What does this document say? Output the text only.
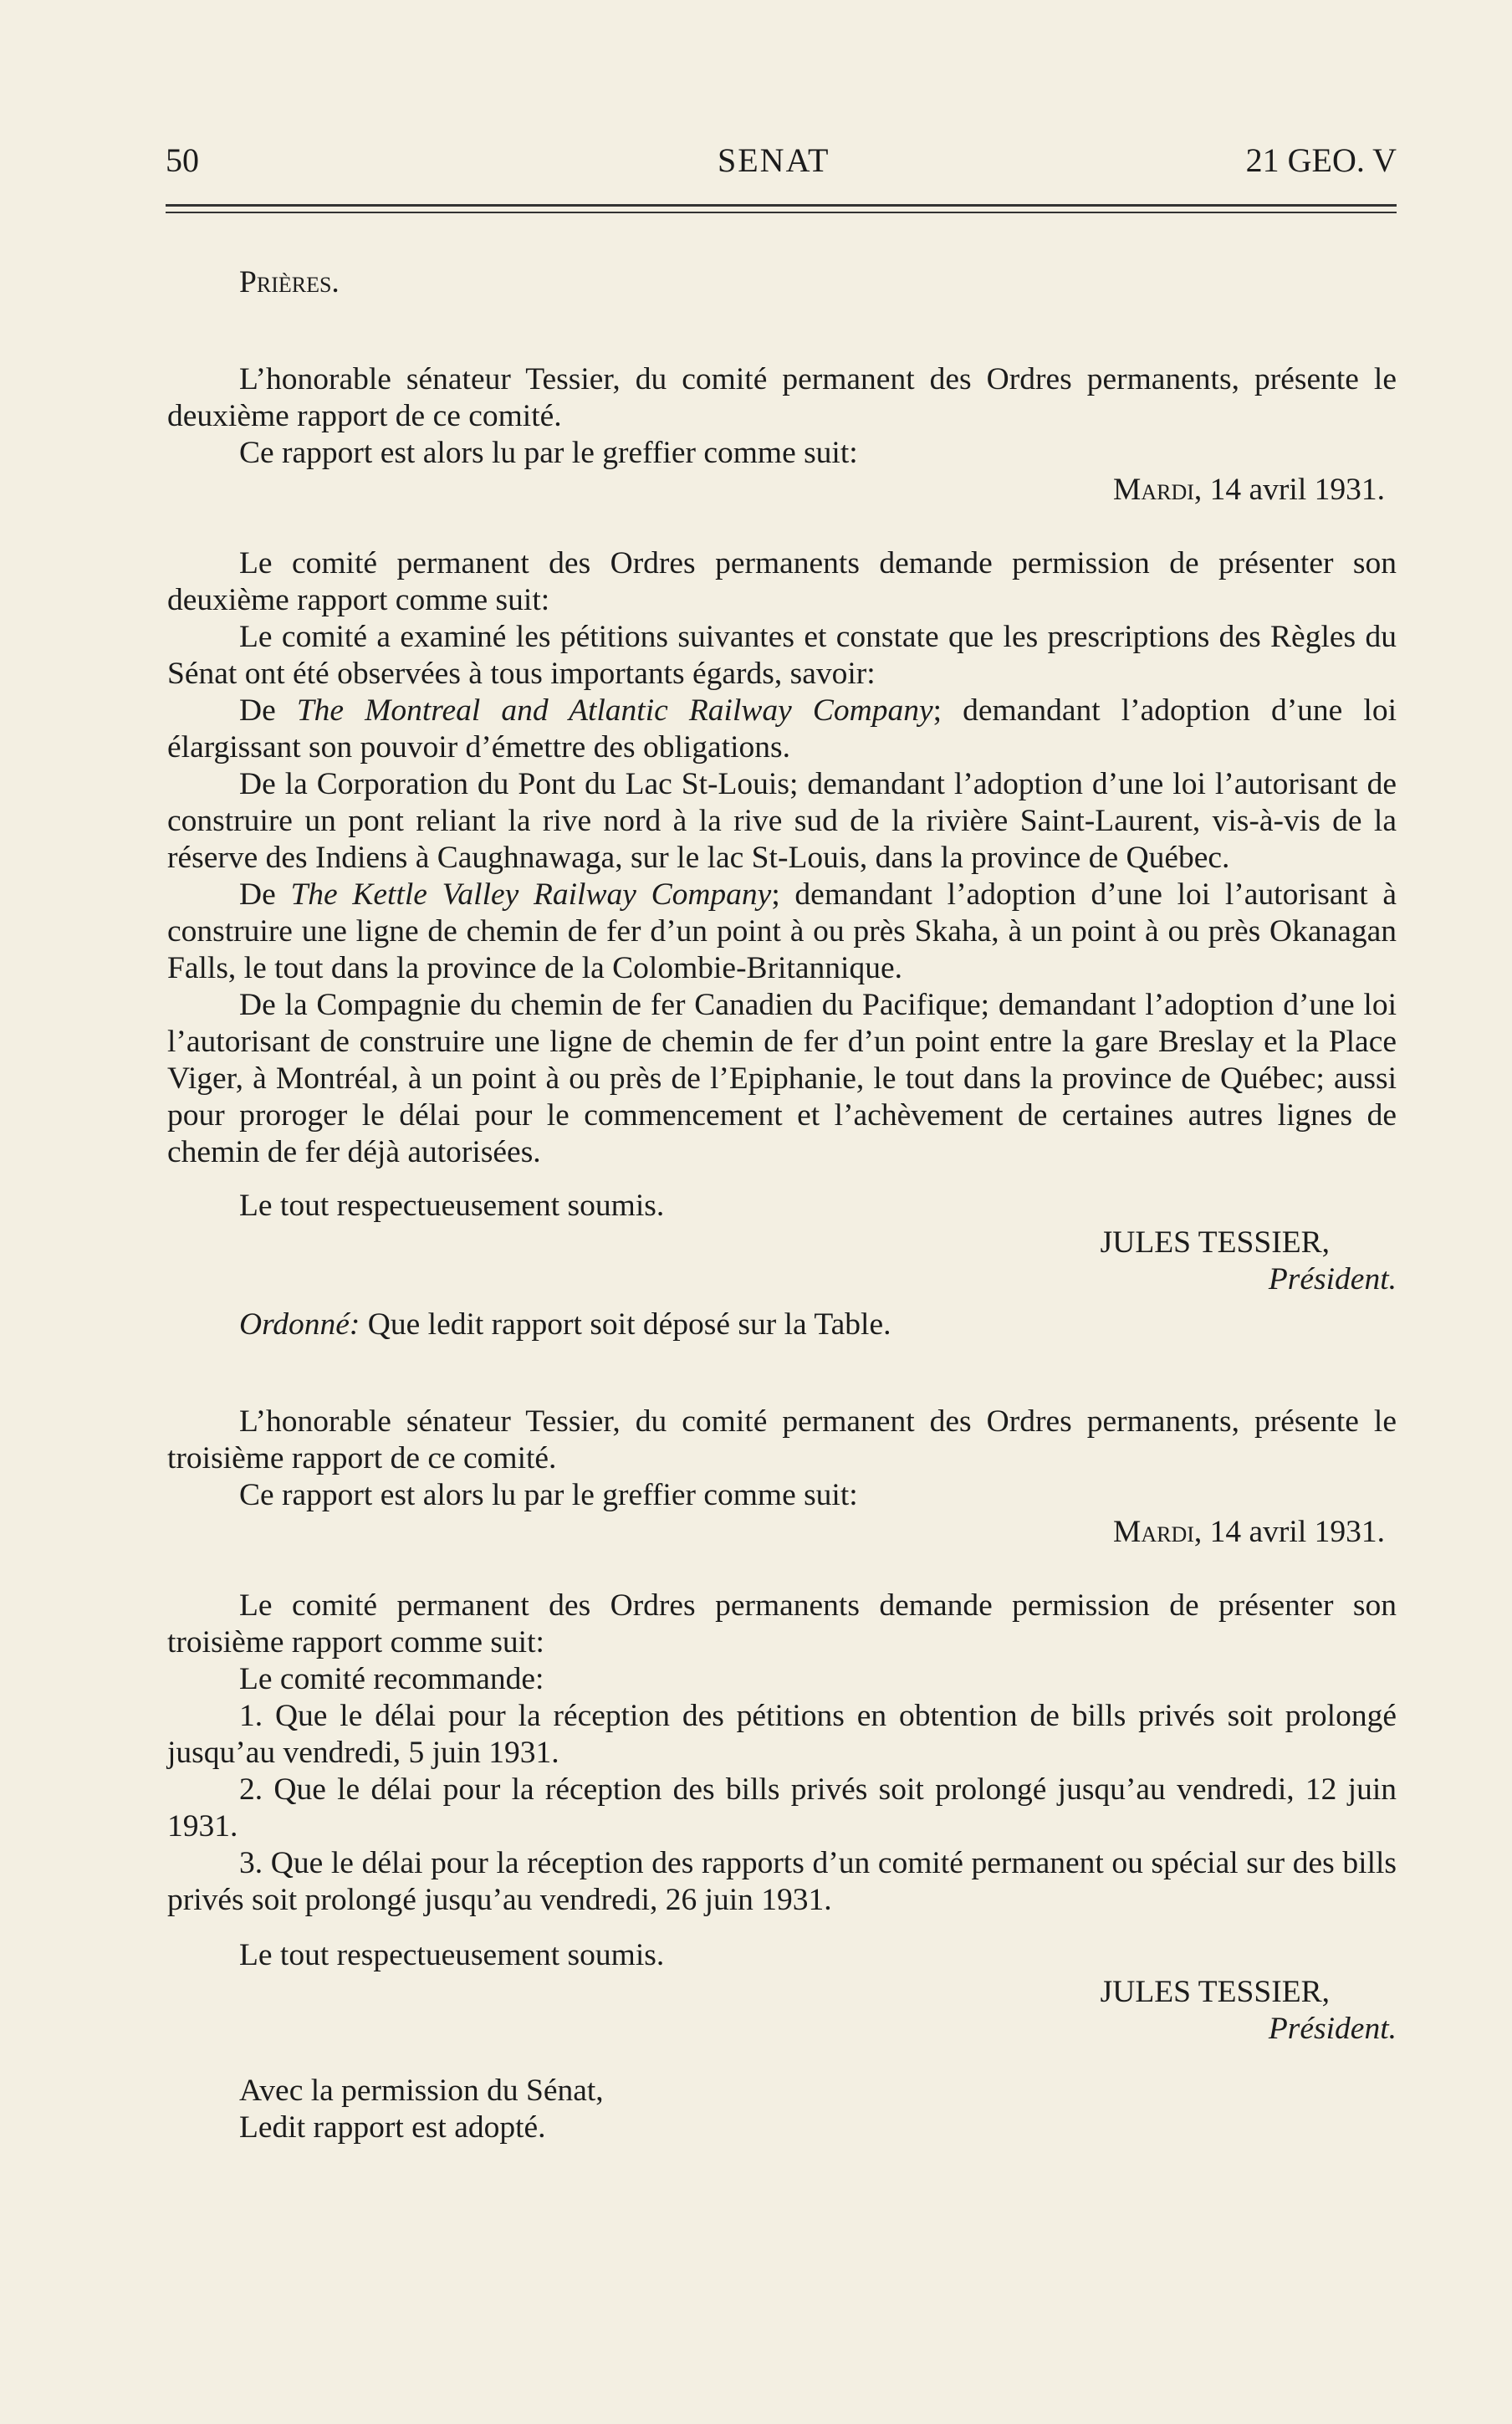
50	SENAT	21 GEO. V

Prières.

L’honorable sénateur Tessier, du comité permanent des Ordres permanents, présente le deuxième rapport de ce comité.

Ce rapport est alors lu par le greffier comme suit:

Mardi, 14 avril 1931.

Le comité permanent des Ordres permanents demande permission de présenter son deuxième rapport comme suit:

Le comité a examiné les pétitions suivantes et constate que les prescriptions des Règles du Sénat ont été observées à tous importants égards, savoir:

De The Montreal and Atlantic Railway Company; demandant l’adoption d’une loi élargissant son pouvoir d’émettre des obligations.

De la Corporation du Pont du Lac St-Louis; demandant l’adoption d’une loi l’autorisant de construire un pont reliant la rive nord à la rive sud de la rivière Saint-Laurent, vis-à-vis de la réserve des Indiens à Caughnawaga, sur le lac St-Louis, dans la province de Québec.

De The Kettle Valley Railway Company; demandant l’adoption d’une loi l’autorisant à construire une ligne de chemin de fer d’un point à ou près Skaha, à un point à ou près Okanagan Falls, le tout dans la province de la Colombie-Britannique.

De la Compagnie du chemin de fer Canadien du Pacifique; demandant l’adoption d’une loi l’autorisant de construire une ligne de chemin de fer d’un point entre la gare Breslay et la Place Viger, à Montréal, à un point à ou près de l’Epiphanie, le tout dans la province de Québec; aussi pour proroger le délai pour le commencement et l’achèvement de certaines autres lignes de chemin de fer déjà autorisées.

Le tout respectueusement soumis.

JULES TESSIER,
Président.

Ordonné: Que ledit rapport soit déposé sur la Table.

L’honorable sénateur Tessier, du comité permanent des Ordres permanents, présente le troisième rapport de ce comité.

Ce rapport est alors lu par le greffier comme suit:

Mardi, 14 avril 1931.

Le comité permanent des Ordres permanents demande permission de présenter son troisième rapport comme suit:

Le comité recommande:

1. Que le délai pour la réception des pétitions en obtention de bills privés soit prolongé jusqu’au vendredi, 5 juin 1931.

2. Que le délai pour la réception des bills privés soit prolongé jusqu’au vendredi, 12 juin 1931.

3. Que le délai pour la réception des rapports d’un comité permanent ou spécial sur des bills privés soit prolongé jusqu’au vendredi, 26 juin 1931.

Le tout respectueusement soumis.

JULES TESSIER,
Président.

Avec la permission du Sénat,

Ledit rapport est adopté.
